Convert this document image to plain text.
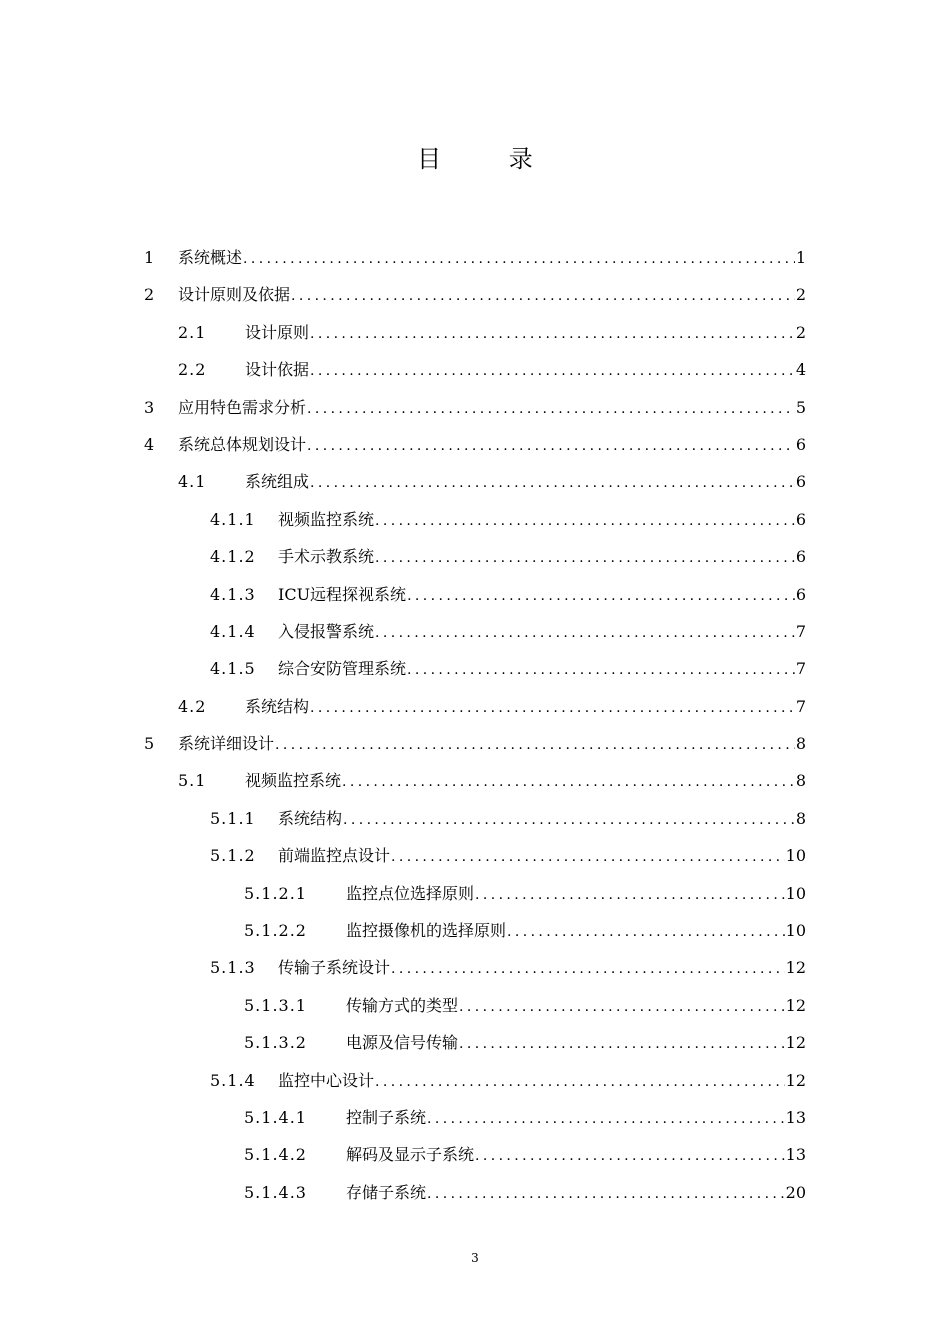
目 录
1 系统概述 .....	1
2 设计原则及依据 .....	2
2.1 设计原则 .....	2
2.2 设计依据 .....	4
3 应用特色需求分析 .....	5
4 系统总体规划设计 .....	6
4.1 系统组成 .....	6
4.1.1 视频监控系统 .....	6
4.1.2 手术示教系统 .....	6
4.1.3 ICU远程探视系统 .....	6
4.1.4 入侵报警系统 .....	7
4.1.5 综合安防管理系统 .....	7
4.2 系统结构 .....	7
5 系统详细设计 .....	8
5.1 视频监控系统 .....	8
5.1.1 系统结构 .....	8
5.1.2 前端监控点设计 .....	10
5.1.2.1 监控点位选择原则 .....	10
5.1.2.2 监控摄像机的选择原则 .....	10
5.1.3 传输子系统设计 .....	12
5.1.3.1 传输方式的类型 .....	12
5.1.3.2 电源及信号传输 .....	12
5.1.4 监控中心设计 .....	12
5.1.4.1 控制子系统 .....	13
5.1.4.2 解码及显示子系统 .....	13
5.1.4.3 存储子系统 .....	20
3
